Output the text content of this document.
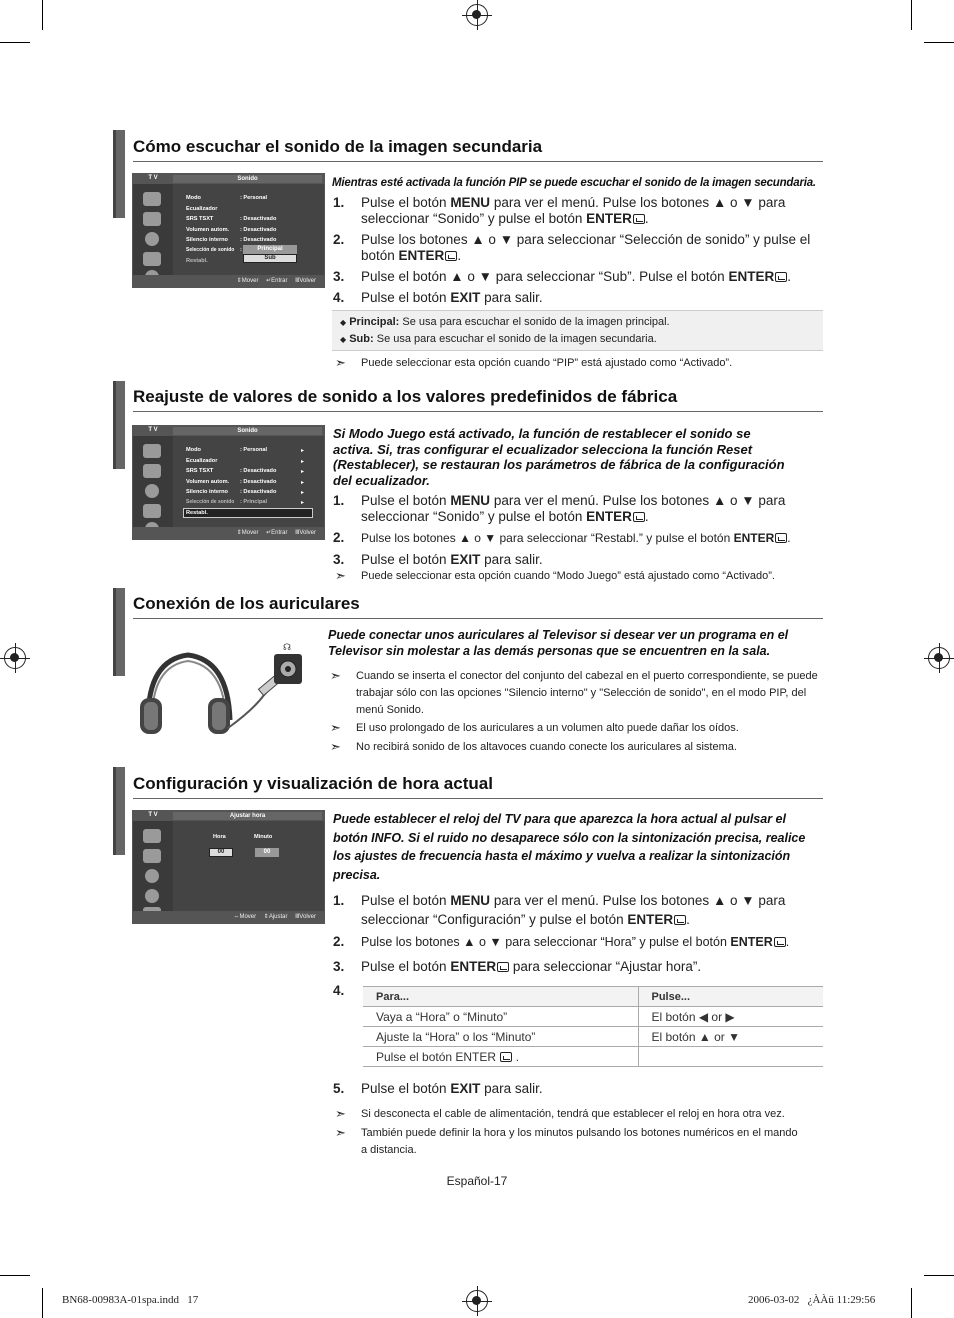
Cómo escuchar el sonido de la imagen secundaria
T V	Sonido
Modo	: Personal
Ecualizador
SRS TSXT	: Desactivado
Volumen autom. : Desactivado
Silencio interno : Desactivado
Selección de sonido :
Restabl.
Principal
Sub
⇕Mover ↵Entrar ⅢVolver
Mientras esté activada la función PIP se puede escuchar el sonido de la imagen secundaria.
1. Pulse el botón MENU para ver el menú. Pulse los botones ▲ o ▼ para seleccionar “Sonido” y pulse el botón ENTER .
2. Pulse los botones ▲ o ▼ para seleccionar “Selección de sonido” y pulse el botón ENTER .
3. Pulse el botón ▲ o ▼ para seleccionar “Sub”. Pulse el botón ENTER .
4. Pulse el botón EXIT para salir.
◆ Principal: Se usa para escuchar el sonido de la imagen principal.
◆ Sub: Se usa para escuchar el sonido de la imagen secundaria.
➣ Puede seleccionar esta opción cuando “PIP” está ajustado como “Activado”.
Reajuste de valores de sonido a los valores predefinidos de fábrica
T V	Sonido
Modo	: Personal	▸
Ecualizador	▸
SRS TSXT	: Desactivado	▸
Volumen autom. : Desactivado	▸
Silencio interno : Desactivado	▸
Selección de sonido : Principal	▸
Restabl.
⇕Mover ↵Entrar ⅢVolver
Si Modo Juego está activado, la función de restablecer el sonido se activa. Si, tras configurar el ecualizador selecciona la función Reset (Restablecer), se restauran los parámetros de fábrica de la configuración del ecualizador.
1. Pulse el botón MENU para ver el menú. Pulse los botones ▲ o ▼ para seleccionar “Sonido” y pulse el botón ENTER .
2. Pulse los botones ▲ o ▼ para seleccionar “Restabl.” y pulse el botón ENTER .
3. Pulse el botón EXIT para salir.
➣ Puede seleccionar esta opción cuando “Modo Juego” está ajustado como “Activado”.
Conexión de los auriculares
☊
Puede conectar unos auriculares al Televisor si desear ver un programa en el Televisor sin molestar a las demás personas que se encuentren en la sala.
➣ Cuando se inserta el conector del conjunto del cabezal en el puerto correspondiente, se puede trabajar sólo con las opciones "Silencio interno" y "Selección de sonido", en el modo PIP, del menú Sonido.
➣ El uso prolongado de los auriculares a un volumen alto puede dañar los oídos.
➣ No recibirá sonido de los altavoces cuando conecte los auriculares al sistema.
Configuración y visualización de hora actual
T V	Ajustar hora
Hora	Minuto
00	00
⇔Mover ⇕Ajustar ⅢVolver
Puede establecer el reloj del TV para que aparezca la hora actual al pulsar el botón INFO. Si el ruido no desaparece sólo con la sintonización precisa, realice los ajustes de frecuencia hasta el máximo y vuelva a realizar la sintonización precisa.
1. Pulse el botón MENU para ver el menú. Pulse los botones ▲ o ▼ para seleccionar “Configuración” y pulse el botón ENTER .
2. Pulse los botones ▲ o ▼ para seleccionar “Hora” y pulse el botón ENTER .
3. Pulse el botón ENTER para seleccionar “Ajustar hora”.
4.	Para...	Pulse...
Vaya a “Hora” o “Minuto”	El botón ◀ or ▶
Ajuste la “Hora” o los “Minuto”	El botón ▲ or ▼
Pulse el botón ENTER  .	
5. Pulse el botón EXIT para salir.
➣ Si desconecta el cable de alimentación, tendrá que establecer el reloj en hora otra vez.
➣ También puede definir la hora y los minutos pulsando los botones numéricos en el mando a distancia.
Español-17
BN68-00983A-01spa.indd   17	2006-03-02   ¿ÀÀü 11:29:56
